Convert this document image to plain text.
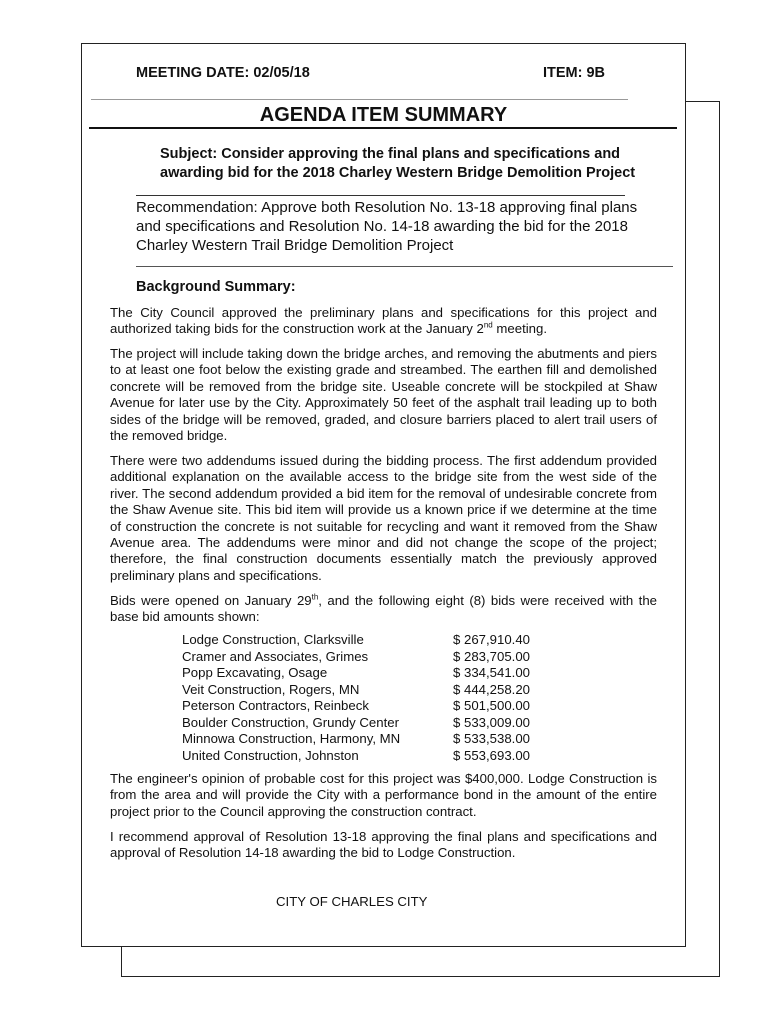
MEETING DATE: 02/05/18	ITEM: 9B
AGENDA ITEM SUMMARY
Subject: Consider approving the final plans and specifications and
awarding bid for the 2018 Charley Western Bridge Demolition Project
Recommendation: Approve both Resolution No. 13-18 approving final plans
and specifications and Resolution No. 14-18 awarding the bid for the 2018
Charley Western Trail Bridge Demolition Project
Background Summary:

The City Council approved the preliminary plans and specifications for this project and authorized taking bids for the construction work at the January 2nd meeting.

The project will include taking down the bridge arches, and removing the abutments and piers to at least one foot below the existing grade and streambed. The earthen fill and demolished concrete will be removed from the bridge site. Useable concrete will be stockpiled at Shaw Avenue for later use by the City. Approximately 50 feet of the asphalt trail leading up to both sides of the bridge will be removed, graded, and closure barriers placed to alert trail users of the removed bridge.

There were two addendums issued during the bidding process. The first addendum provided additional explanation on the available access to the bridge site from the west side of the river. The second addendum provided a bid item for the removal of undesirable concrete from the Shaw Avenue site. This bid item will provide us a known price if we determine at the time of construction the concrete is not suitable for recycling and want it removed from the Shaw Avenue area. The addendums were minor and did not change the scope of the project; therefore, the final construction documents essentially match the previously approved preliminary plans and specifications.

Bids were opened on January 29th, and the following eight (8) bids were received with the base bid amounts shown:

Lodge Construction, Clarksville	$ 267,910.40
Cramer and Associates, Grimes	$ 283,705.00
Popp Excavating, Osage	$ 334,541.00
Veit Construction, Rogers, MN	$ 444,258.20
Peterson Contractors, Reinbeck	$ 501,500.00
Boulder Construction, Grundy Center	$ 533,009.00
Minnowa Construction, Harmony, MN	$ 533,538.00
United Construction, Johnston	$ 553,693.00

The engineer's opinion of probable cost for this project was $400,000. Lodge Construction is from the area and will provide the City with a performance bond in the amount of the entire project prior to the Council approving the construction contract.

I recommend approval of Resolution 13-18 approving the final plans and specifications and approval of Resolution 14-18 awarding the bid to Lodge Construction.

CITY OF CHARLES CITY
